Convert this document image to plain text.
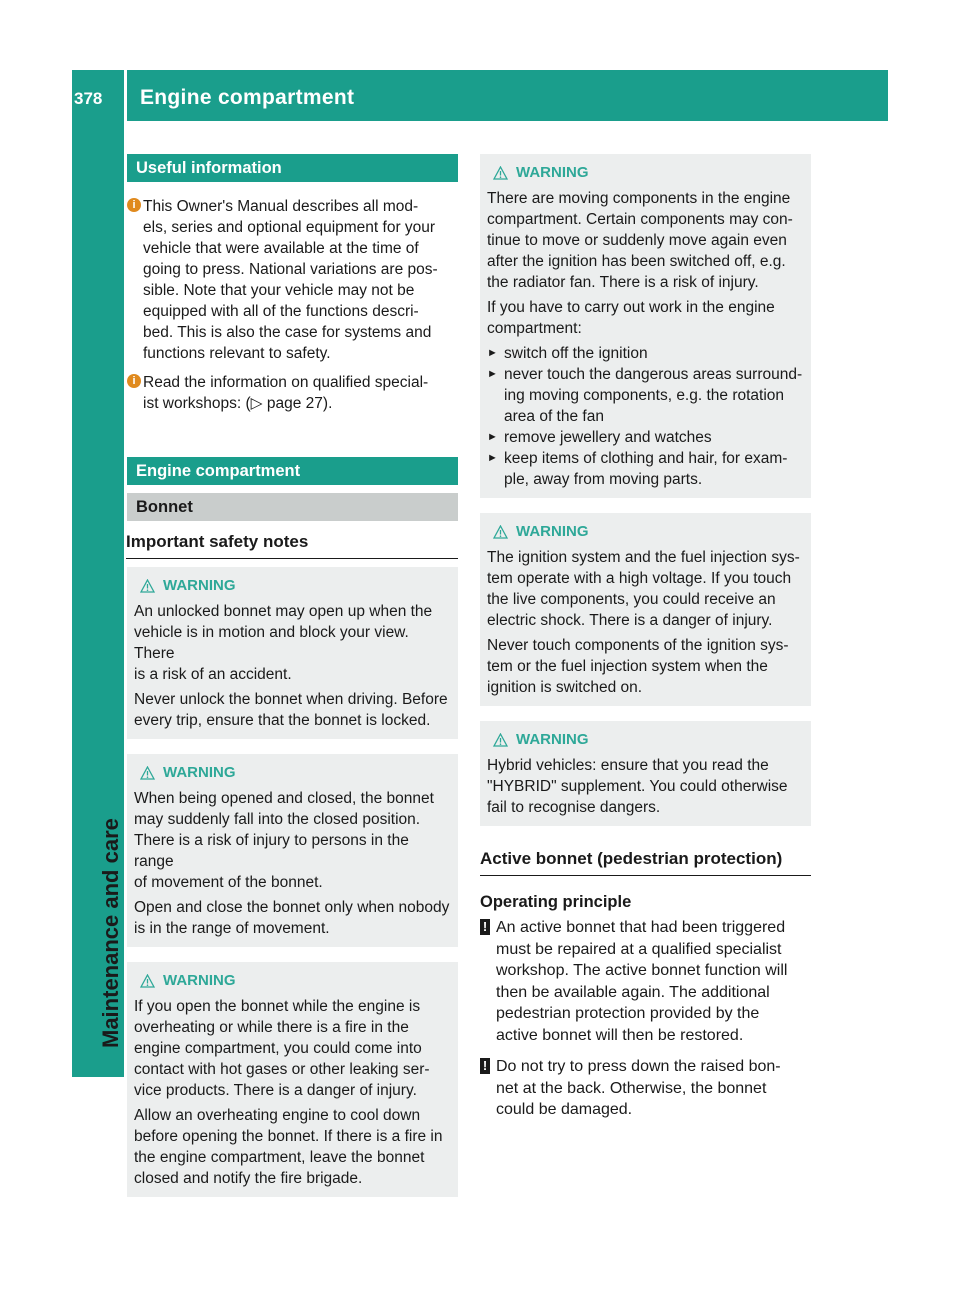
378	Engine compartment
Maintenance and care
Useful information

i This Owner's Manual describes all mod-
els, series and optional equipment for your
vehicle that were available at the time of
going to press. National variations are pos-
sible. Note that your vehicle may not be
equipped with all of the functions descri-
bed. This is also the case for systems and
functions relevant to safety.

i Read the information on qualified special-
ist workshops: (▷ page 27).

Engine compartment
Bonnet
Important safety notes
WARNING

An unlocked bonnet may open up when the
vehicle is in motion and block your view. There
is a risk of an accident.

Never unlock the bonnet when driving. Before
every trip, ensure that the bonnet is locked.

WARNING

When being opened and closed, the bonnet
may suddenly fall into the closed position.
There is a risk of injury to persons in the range
of movement of the bonnet.

Open and close the bonnet only when nobody
is in the range of movement.

WARNING

If you open the bonnet while the engine is
overheating or while there is a fire in the
engine compartment, you could come into
contact with hot gases or other leaking ser-
vice products. There is a danger of injury.

Allow an overheating engine to cool down
before opening the bonnet. If there is a fire in
the engine compartment, leave the bonnet
closed and notify the fire brigade.

WARNING

There are moving components in the engine
compartment. Certain components may con-
tinue to move or suddenly move again even
after the ignition has been switched off, e.g.
the radiator fan. There is a risk of injury.

If you have to carry out work in the engine
compartment:

► switch off the ignition
► never touch the dangerous areas surround-
ing moving components, e.g. the rotation
area of the fan
► remove jewellery and watches
► keep items of clothing and hair, for exam-
ple, away from moving parts.
WARNING

The ignition system and the fuel injection sys-
tem operate with a high voltage. If you touch
the live components, you could receive an
electric shock. There is a danger of injury.

Never touch components of the ignition sys-
tem or the fuel injection system when the
ignition is switched on.

WARNING

Hybrid vehicles: ensure that you read the
"HYBRID" supplement. You could otherwise
fail to recognise dangers.

Active bonnet (pedestrian protection)
Operating principle

! An active bonnet that had been triggered
must be repaired at a qualified specialist
workshop. The active bonnet function will
then be available again. The additional
pedestrian protection provided by the
active bonnet will then be restored.

! Do not try to press down the raised bon-
net at the back. Otherwise, the bonnet
could be damaged.
